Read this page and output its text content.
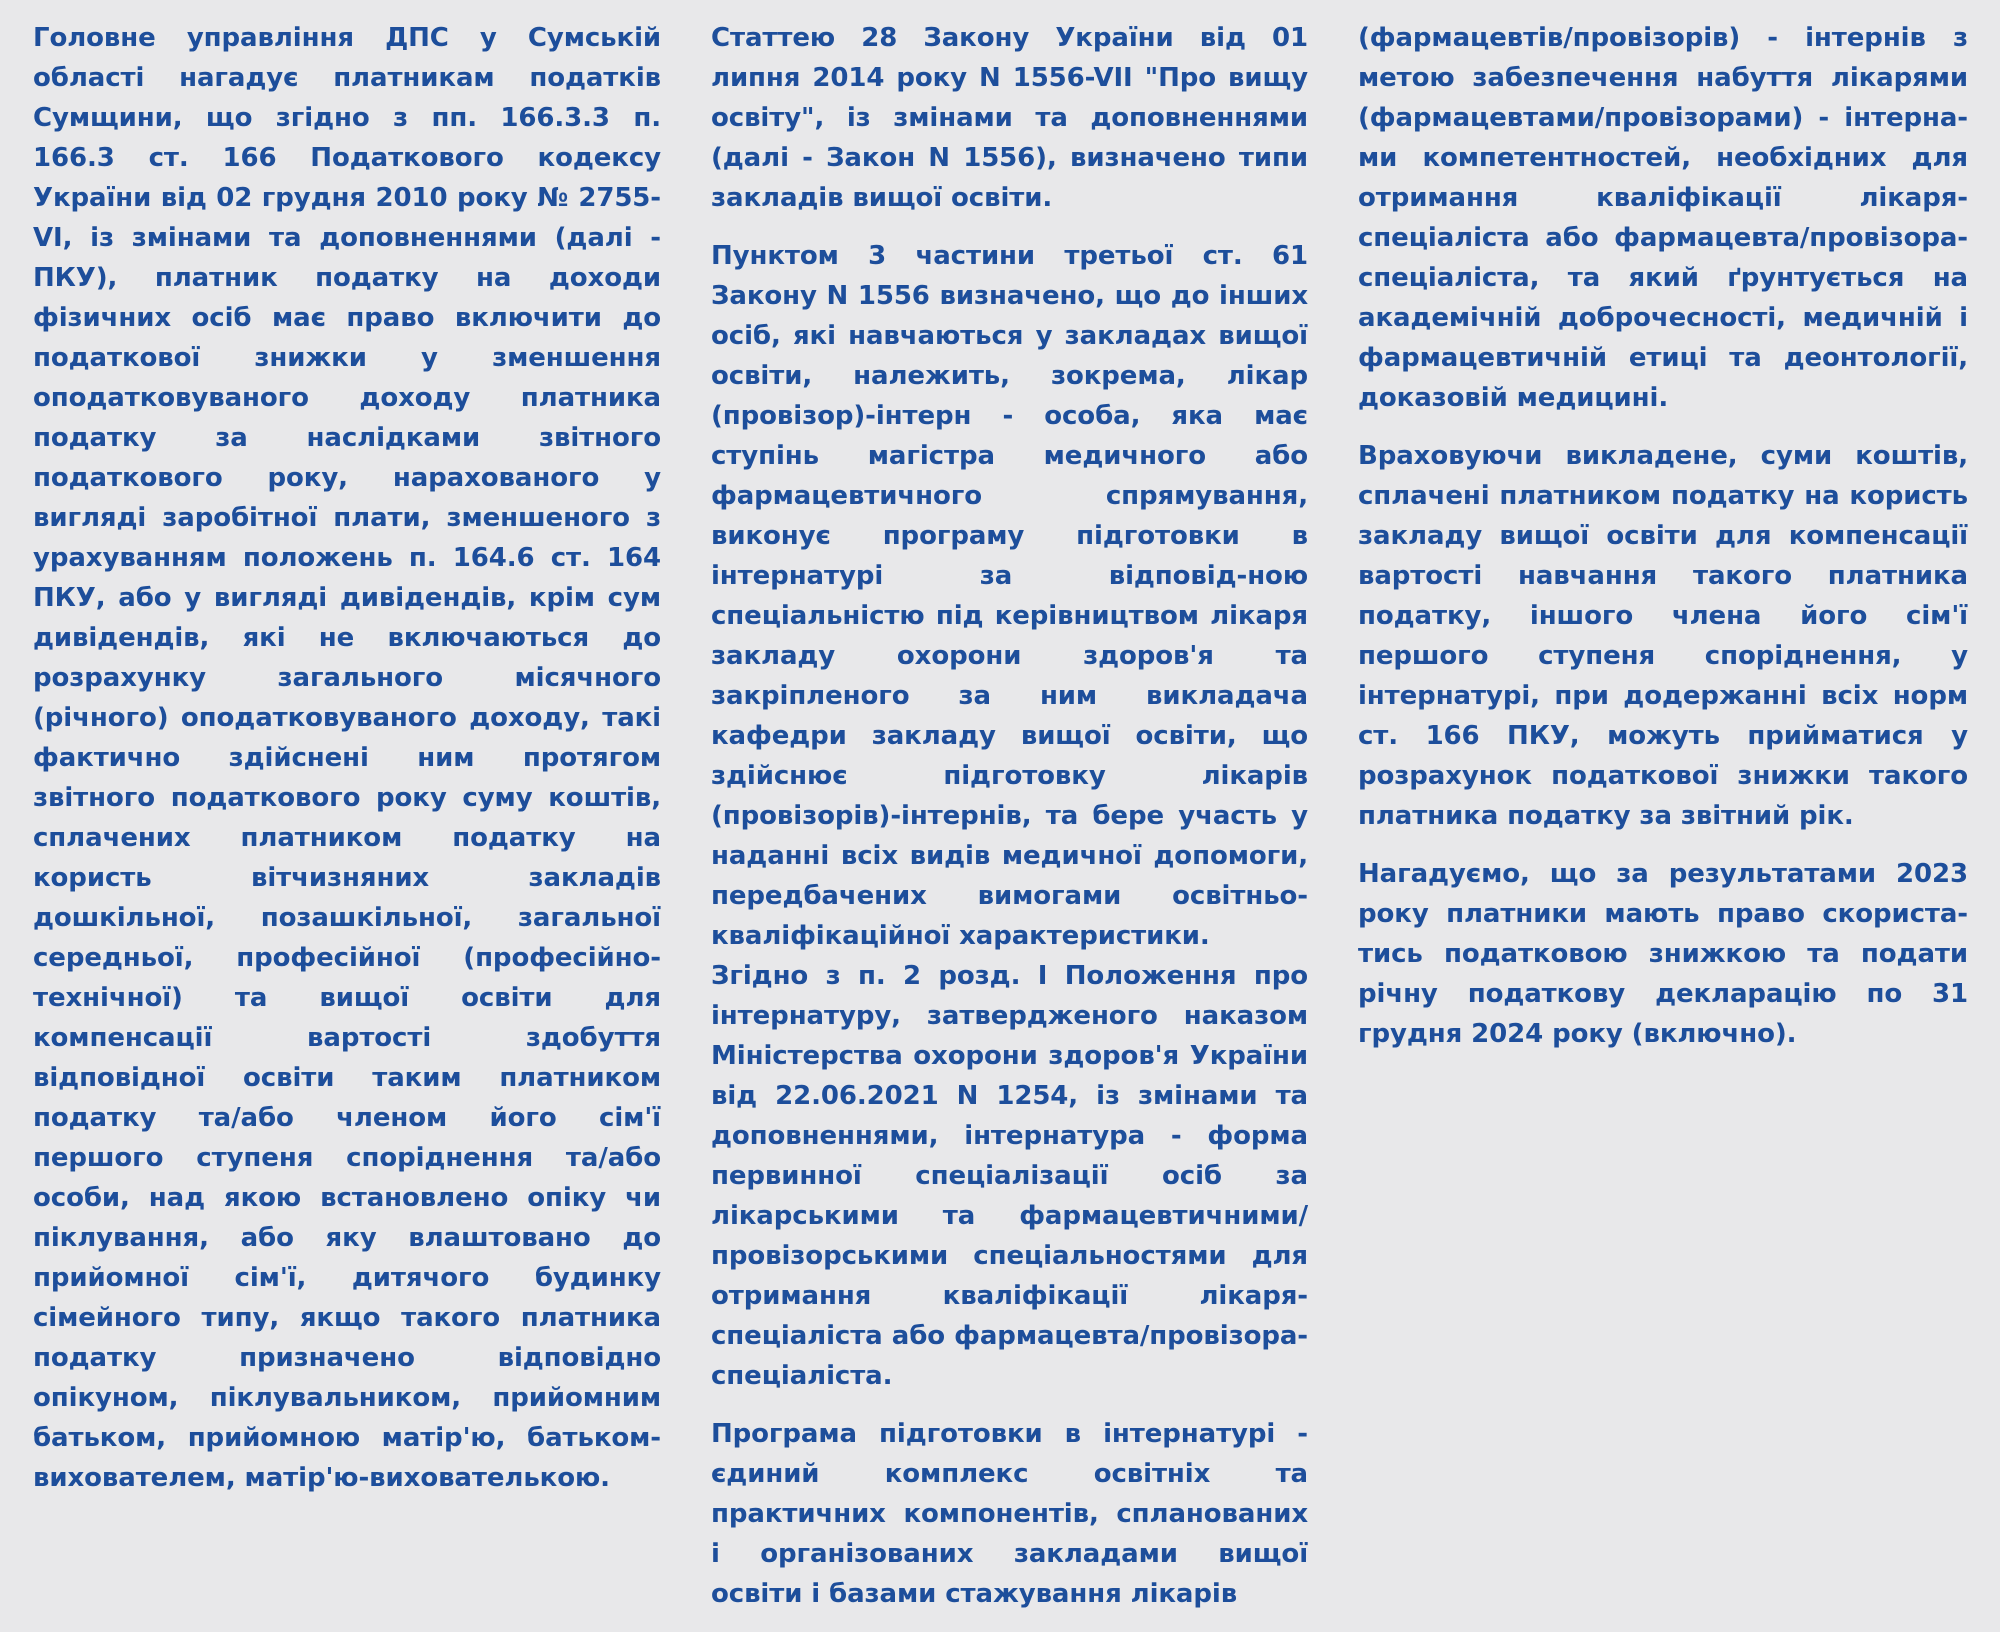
Головне управління ДПС у Сумській області нагадує платникам податків Сумщини, що згідно з пп. 166.3.3 п. 166.3 ст. 166 Податкового кодексу України від 02 грудня 2010 року № 2755-VI, із змінами та доповненнями (далі - ПКУ), платник податку на доходи фізичних осіб має право включити до податкової знижки у зменшення оподатковуваного доходу платника податку за наслідками звітного податкового року, нарахованого у вигляді заробітної плати, зменшеного з урахуванням положень п. 164.6 ст. 164 ПКУ, або у вигляді дивідендів, крім сум дивідендів, які не включаються до розрахунку загального місячного (річного) оподатковуваного доходу, такі фактично здійснені ним протягом звітного податкового року суму коштів, сплачених платником податку на користь вітчизняних закладів дошкільної, позашкільної, загальної середньої, професійної (професійно-технічної) та вищої освіти для компенсації вартості здобуття відповідної освіти таким платником податку та/або членом його сім'ї першого ступеня споріднення та/або особи, над якою встановлено опіку чи піклування, або яку влаштовано до прийомної сім'ї, дитячого будинку сімейного типу, якщо такого платника податку призначено відповідно опікуном, піклувальником, прийомним батьком, прийомною матір'ю, батьком-вихователем, матір'ю-вихователькою.

Статтею 28 Закону України від 01 липня 2014 року N 1556-VII "Про вищу освіту", із змінами та доповненнями (далі - Закон N 1556), визначено типи закладів вищої освіти.

Пунктом 3 частини третьої ст. 61 Закону N 1556 визначено, що до інших осіб, які навчаються у закладах вищої освіти, належить, зокрема, лікар (провізор)-інтерн - особа, яка має ступінь магістра медичного або фармацевтичного спрямування, виконує програму підготовки в інтернатурі за відповід-ною спеціальністю під керівництвом лікаря закладу охорони здоров'я та закріпленого за ним викладача кафедри закладу вищої освіти, що здійснює підготовку лікарів (провізорів)-інтернів, та бере участь у наданні всіх видів медичної допомоги, передбачених вимогами освітньо-кваліфікаційної характеристики.

Згідно з п. 2 розд. І Положення про інтернатуру, затвердженого наказом Міністерства охорони здоров'я України від 22.06.2021 N 1254, із змінами та доповненнями, інтернатура - форма первинної спеціалізації осіб за лікарськими та фармацевтичними/ провізорськими спеціальностями для отримання кваліфікації лікаря-спеціаліста або фармацевта/провізора-спеціаліста.

Програма підготовки в інтернатурі - єдиний комплекс освітніх та практичних компонентів, спланованих і організованих закладами вищої освіти і базами стажування лікарів

(фармацевтів/провізорів) - інтернів з метою забезпечення набуття лікарями (фармацевтами/провізорами) - інтерна-ми компетентностей, необхідних для отримання кваліфікації лікаря-спеціаліста або фармацевта/провізора-спеціаліста, та який ґрунтується на академічній доброчесності, медичній і фармацевтичній етиці та деонтології, доказовій медицині.

Враховуючи викладене, суми коштів, сплачені платником податку на користь закладу вищої освіти для компенсації вартості навчання такого платника податку, іншого члена його сім'ї першого ступеня споріднення, у інтернатурі, при додержанні всіх норм ст. 166 ПКУ, можуть прийматися у розрахунок податкової знижки такого платника податку за звітний рік.

Нагадуємо, що за результатами 2023 року платники мають право скориста-тись податковою знижкою та подати річну податкову декларацію по 31 грудня 2024 року (включно).
